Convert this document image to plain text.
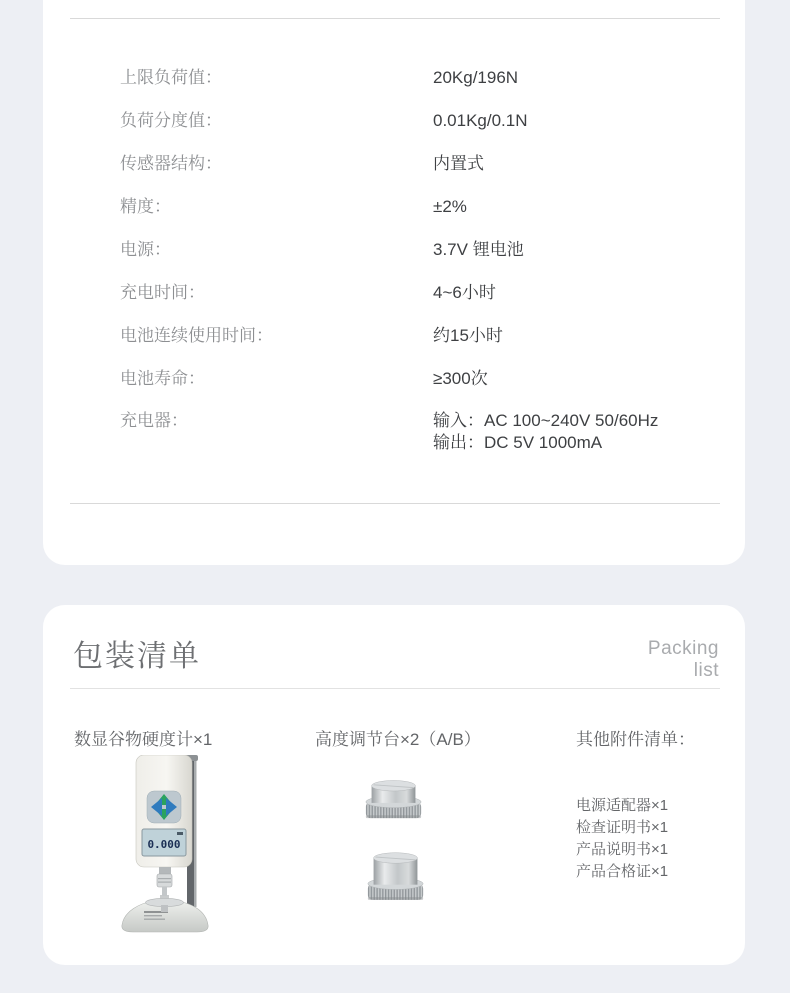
上限负荷值：	20Kg/196N
负荷分度值：	0.01Kg/0.1N
传感器结构：	内置式
精度：	±2%
电源：	3.7V 锂电池
充电时间：	4~6小时
电池连续使用时间：	约15小时
电池寿命：	≥300次
充电器：	输入：AC 100~240V 50/60Hz
输出：DC 5V 1000mA
包装清单	Packing
list
数显谷物硬度计×1	高度调节台×2（A/B）	其他附件清单：
0.000
电源适配器×1
检查证明书×1
产品说明书×1
产品合格证×1
